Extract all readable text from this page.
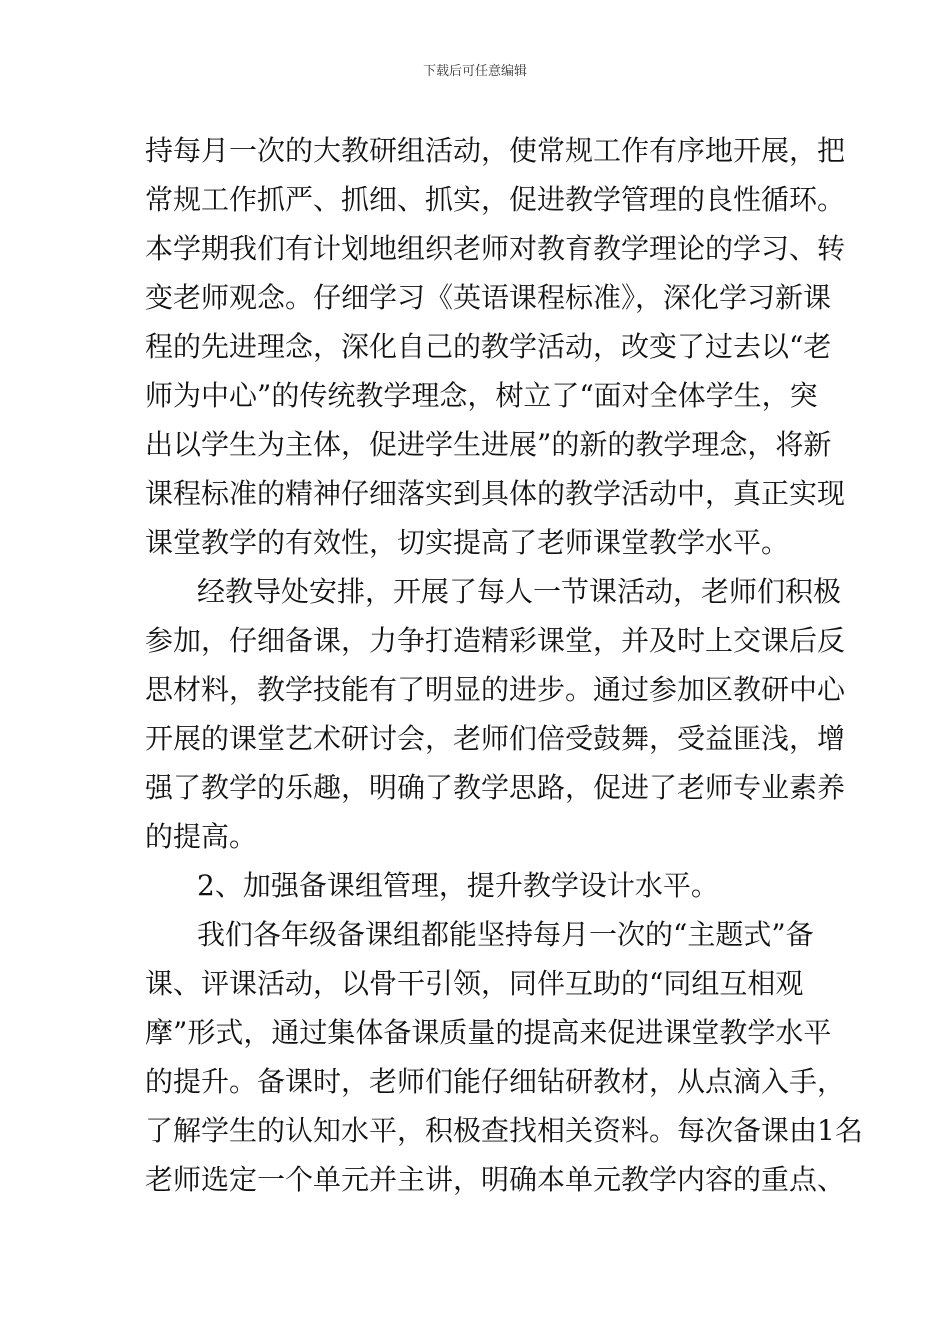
下载后可任意编辑
持每月一次的大教研组活动，使常规工作有序地开展，把
常规工作抓严、抓细、抓实，促进教学管理的良性循环。
本学期我们有计划地组织老师对教育教学理论的学习、转
变老师观念。仔细学习《英语课程标准》，深化学习新课
程的先进理念，深化自己的教学活动，改变了过去以“老
师为中心”的传统教学理念，树立了“面对全体学生，突
出以学生为主体，促进学生进展”的新的教学理念，将新
课程标准的精神仔细落实到具体的教学活动中，真正实现
课堂教学的有效性，切实提高了老师课堂教学水平。
经教导处安排，开展了每人一节课活动，老师们积极
参加，仔细备课，力争打造精彩课堂，并及时上交课后反
思材料，教学技能有了明显的进步。通过参加区教研中心
开展的课堂艺术研讨会，老师们倍受鼓舞，受益匪浅，增
强了教学的乐趣，明确了教学思路，促进了老师专业素养
的提高。
2、加强备课组管理，提升教学设计水平。
我们各年级备课组都能坚持每月一次的“主题式”备
课、评课活动，以骨干引领，同伴互助的“同组互相观
摩”形式，通过集体备课质量的提高来促进课堂教学水平
的提升。备课时，老师们能仔细钻研教材，从点滴入手，
了解学生的认知水平，积极查找相关资料。每次备课由1名
老师选定一个单元并主讲，明确本单元教学内容的重点、
